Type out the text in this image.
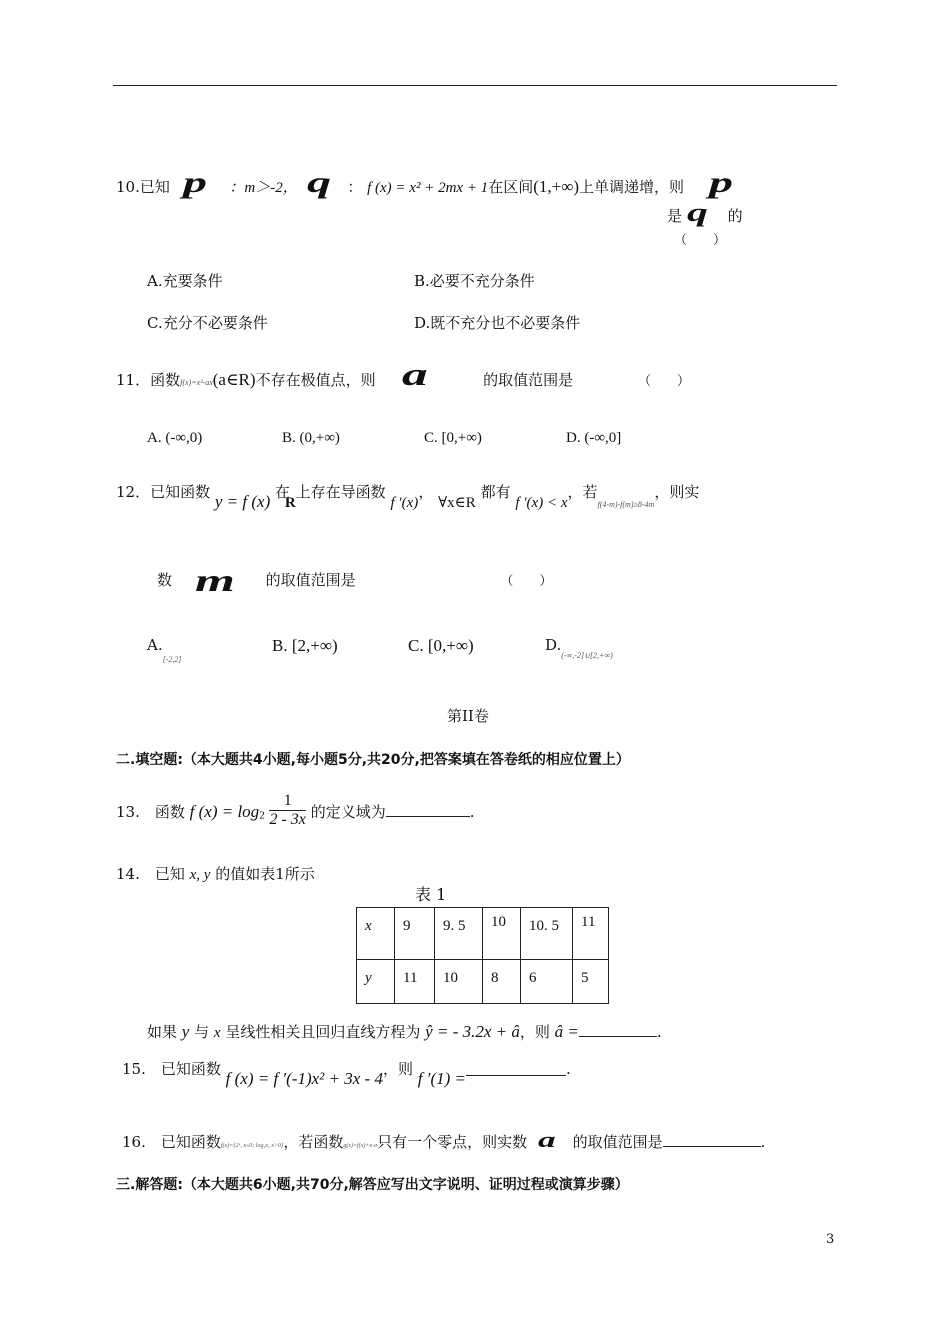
10.已知 p ：m＞-2， q ： f (x) = x² + 2mx + 1在区间(1,+∞)上单调递增，则 p
是 q 的
（　　）
A.充要条件	B.必要不充分条件
C.充分不必要条件	D.既不充分也不必要条件
11．函数f(x)=x³-ax(a∈R)不存在极值点，则 a	的取值范围是	（　　）
A. (-∞,0)	B. (0,+∞)	C. [0,+∞)	D. (-∞,0]
12．已知函数 y = f (x) 在 R上存在导函数 f ′(x)， ∀x∈R 都有 f ′(x) < x，若$_{f(4-m)-f(m)\ge 8-4m}$，则实
数 m 的取值范围是	（　　）
$A._{[-2,2]}$
B. [2,+∞)	C. [0,+∞)	$D._{(-\infty,-2]\cup[2,+\infty)}$
第II卷
二.填空题:（本大题共4小题,每小题5分,共20分,把答案填在答卷纸的相应位置上）
13.　函数 f $(x) = \log_2 \frac{1}{2 - 3x}$ 的定义域为	.
14.　已知 x, y 的值如表1所示
表 1
x	9	9. 5	10	10. 5	11
y	11	10	8	6	5
如果 y 与 x 呈线性相关且回归直线方程为 ŷ = - 3.2x + â，则 â =	.
15.　已知函数 f (x) = f ′(-1)x² + 3x - 4，则 f ′(1) =	.
16.　已知函数f(x)={2ˣ, x≤0; log₂x, x>0}，若函数g(x)=f(x)+x-a只有一个零点，则实数 a 的取值范围是	.
三.解答题:（本大题共6小题,共70分,解答应写出文字说明、证明过程或演算步骤）
3
